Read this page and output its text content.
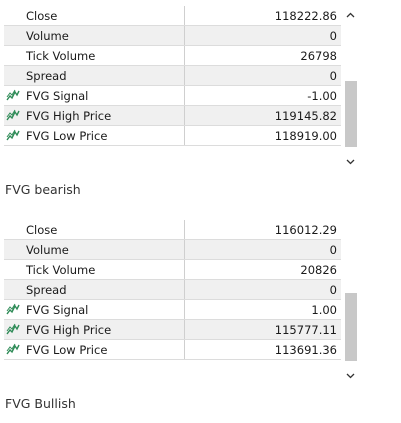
Close	118222.86
Volume	0
Tick Volume	26798
Spread	0
FVG Signal	-1.00
FVG High Price	119145.82
FVG Low Price	118919.00
FVG bearish
Close	116012.29
Volume	0
Tick Volume	20826
Spread	0
FVG Signal	1.00
FVG High Price	115777.11
FVG Low Price	113691.36
FVG Bullish
